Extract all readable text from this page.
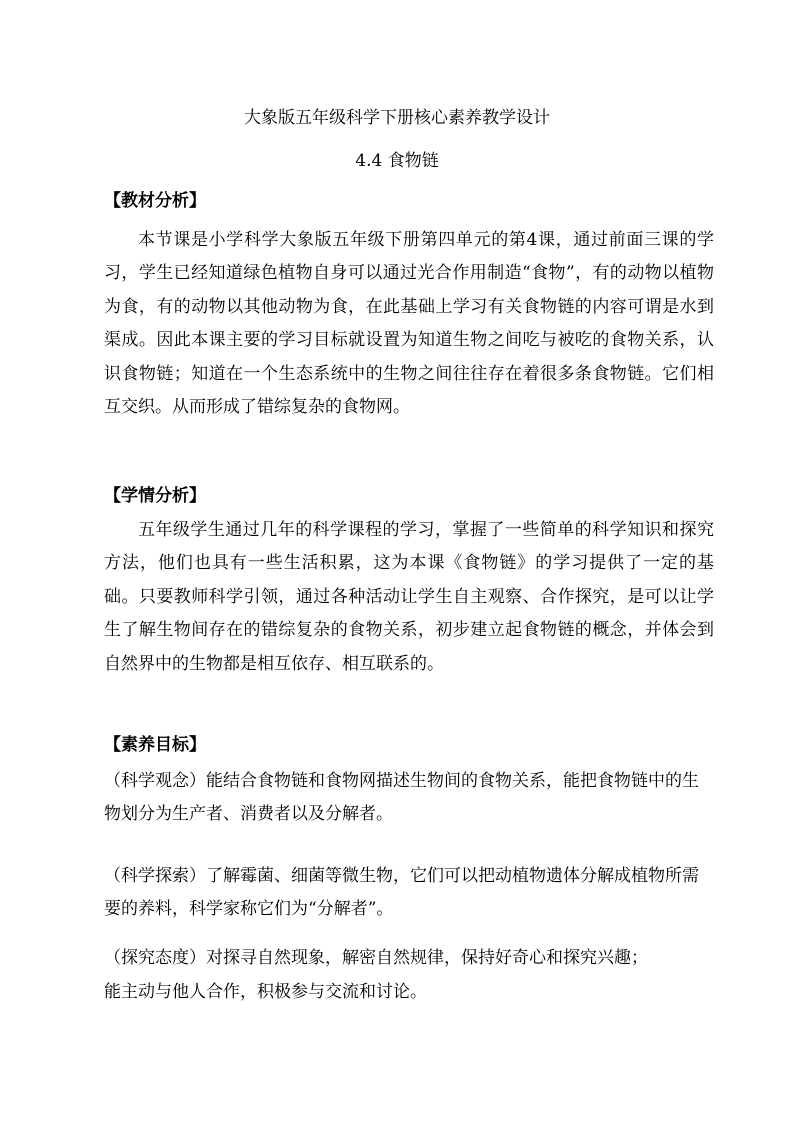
大象版五年级科学下册核心素养教学设计
4.4 食物链
【教材分析】

本节课是小学科学大象版五年级下册第四单元的第4课，通过前面三课的学习，学生已经知道绿色植物自身可以通过光合作用制造“食物”，有的动物以植物为食，有的动物以其他动物为食，在此基础上学习有关食物链的内容可谓是水到渠成。因此本课主要的学习目标就设置为知道生物之间吃与被吃的食物关系，认识食物链；知道在一个生态系统中的生物之间往往存在着很多条食物链。它们相互交织。从而形成了错综复杂的食物网。

【学情分析】

五年级学生通过几年的科学课程的学习，掌握了一些简单的科学知识和探究方法，他们也具有一些生活积累，这为本课《食物链》的学习提供了一定的基础。只要教师科学引领，通过各种活动让学生自主观察、合作探究，是可以让学生了解生物间存在的错综复杂的食物关系，初步建立起食物链的概念，并体会到自然界中的生物都是相互依存、相互联系的。

【素养目标】

（科学观念）能结合食物链和食物网描述生物间的食物关系，能把食物链中的生物划分为生产者、消费者以及分解者。

（科学探索）了解霉菌、细菌等微生物，它们可以把动植物遗体分解成植物所需要的养料，科学家称它们为“分解者”。

（探究态度）对探寻自然现象，解密自然规律，保持好奇心和探究兴趣；

能主动与他人合作，积极参与交流和讨论。
